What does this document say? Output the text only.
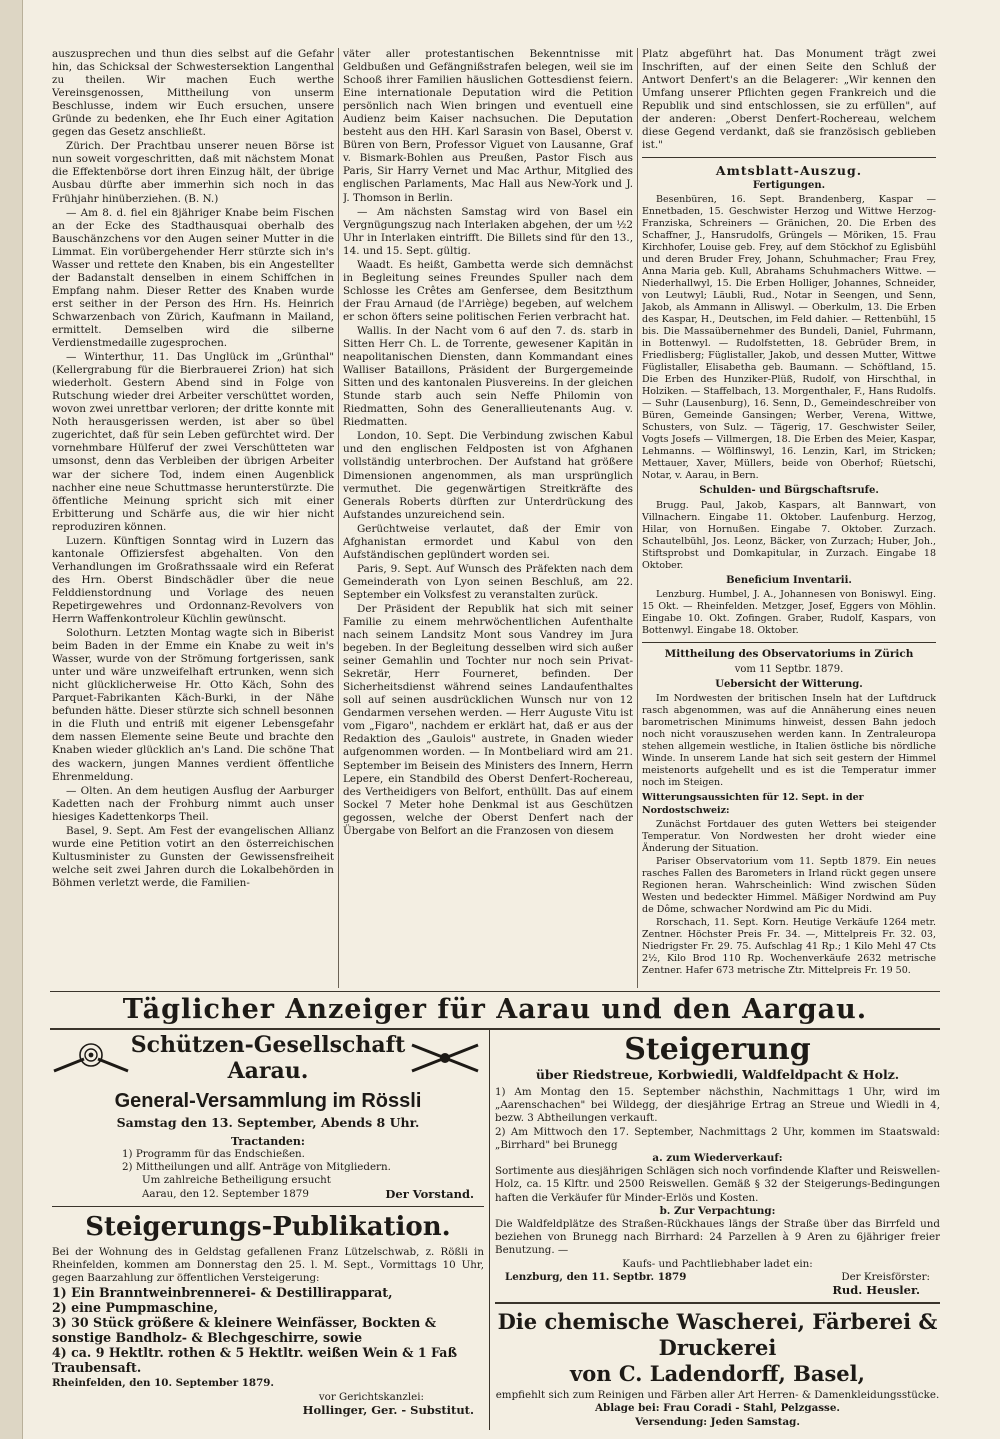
auszusprechen und thun dies selbst auf die Gefahr hin, das Schicksal der Schwestersektion Langenthal zu theilen. Wir machen Euch werthe Vereinsgenossen, Mittheilung von unserm Beschlusse, indem wir Euch ersuchen, unsere Gründe zu bedenken, ehe Ihr Euch einer Agitation gegen das Gesetz anschließt.

Zürich. Der Prachtbau unserer neuen Börse ist nun soweit vorgeschritten, daß mit nächstem Monat die Effektenbörse dort ihren Einzug hält, der übrige Ausbau dürfte aber immerhin sich noch in das Frühjahr hinüberziehen. (B. N.)

— Am 8. d. fiel ein 8jähriger Knabe beim Fischen an der Ecke des Stadthausquai oberhalb des Bauschänzchens vor den Augen seiner Mutter in die Limmat. Ein vorübergehender Herr stürzte sich in's Wasser und rettete den Knaben, bis ein Angestellter der Badanstalt denselben in einem Schiffchen in Empfang nahm. Dieser Retter des Knaben wurde erst seither in der Person des Hrn. Hs. Heinrich Schwarzenbach von Zürich, Kaufmann in Mailand, ermittelt. Demselben wird die silberne Verdienstmedaille zugesprochen.

— Winterthur, 11. Das Unglück im „Grünthal" (Kellergrabung für die Bierbrauerei Zrion) hat sich wiederholt. Gestern Abend sind in Folge von Rutschung wieder drei Arbeiter verschüttet worden, wovon zwei unrettbar verloren; der dritte konnte mit Noth herausgerissen werden, ist aber so übel zugerichtet, daß für sein Leben gefürchtet wird. Der vornehmbare Hülferuf der zwei Verschütteten war umsonst, denn das Verbleiben der übrigen Arbeiter war der sichere Tod, indem einen Augenblick nachher eine neue Schuttmasse herunterstürzte. Die öffentliche Meinung spricht sich mit einer Erbitterung und Schärfe aus, die wir hier nicht reproduziren können.

Luzern. Künftigen Sonntag wird in Luzern das kantonale Offiziersfest abgehalten. Von den Verhandlungen im Großrathssaale wird ein Referat des Hrn. Oberst Bindschädler über die neue Felddienstordnung und Vorlage des neuen Repetirgewehres und Ordonnanz-Revolvers von Herrn Waffenkontroleur Küchlin gewünscht.

Solothurn. Letzten Montag wagte sich in Biberist beim Baden in der Emme ein Knabe zu weit in's Wasser, wurde von der Strömung fortgerissen, sank unter und wäre unzweifelhaft ertrunken, wenn sich nicht glücklicherweise Hr. Otto Käch, Sohn des Parquet-Fabrikanten Käch-Burki, in der Nähe befunden hätte. Dieser stürzte sich schnell besonnen in die Fluth und entriß mit eigener Lebensgefahr dem nassen Elemente seine Beute und brachte den Knaben wieder glücklich an's Land. Die schöne That des wackern, jungen Mannes verdient öffentliche Ehrenmeldung.

— Olten. An dem heutigen Ausflug der Aarburger Kadetten nach der Frohburg nimmt auch unser hiesiges Kadettenkorps Theil.

Basel, 9. Sept. Am Fest der evangelischen Allianz wurde eine Petition votirt an den österreichischen Kultusminister zu Gunsten der Gewissensfreiheit welche seit zwei Jahren durch die Lokalbehörden in Böhmen verletzt werde, die Familien-

väter aller protestantischen Bekenntnisse mit Geldbußen und Gefängnißstrafen belegen, weil sie im Schooß ihrer Familien häuslichen Gottesdienst feiern. Eine internationale Deputation wird die Petition persönlich nach Wien bringen und eventuell eine Audienz beim Kaiser nachsuchen. Die Deputation besteht aus den HH. Karl Sarasin von Basel, Oberst v. Büren von Bern, Professor Viguet von Lausanne, Graf v. Bismark-Bohlen aus Preußen, Pastor Fisch aus Paris, Sir Harry Vernet und Mac Arthur, Mitglied des englischen Parlaments, Mac Hall aus New-York und J. J. Thomson in Berlin.

— Am nächsten Samstag wird von Basel ein Vergnügungszug nach Interlaken abgehen, der um ½2 Uhr in Interlaken eintrifft. Die Billets sind für den 13., 14. und 15. Sept. gültig.

Waadt. Es heißt, Gambetta werde sich demnächst in Begleitung seines Freundes Spuller nach dem Schlosse les Crêtes am Genfersee, dem Besitzthum der Frau Arnaud (de l'Arriège) begeben, auf welchem er schon öfters seine politischen Ferien verbracht hat.

Wallis. In der Nacht vom 6 auf den 7. ds. starb in Sitten Herr Ch. L. de Torrente, gewesener Kapitän in neapolitanischen Diensten, dann Kommandant eines Walliser Bataillons, Präsident der Burgergemeinde Sitten und des kantonalen Piusvereins. In der gleichen Stunde starb auch sein Neffe Philomin von Riedmatten, Sohn des Generallieutenants Aug. v. Riedmatten.

London, 10. Sept. Die Verbindung zwischen Kabul und den englischen Feldposten ist von Afghanen vollständig unterbrochen. Der Aufstand hat größere Dimensionen angenommen, als man ursprünglich vermuthet. Die gegenwärtigen Streitkräfte des Generals Roberts dürften zur Unterdrückung des Aufstandes unzureichend sein.

Gerüchtweise verlautet, daß der Emir von Afghanistan ermordet und Kabul von den Aufständischen geplündert worden sei.

Paris, 9. Sept. Auf Wunsch des Präfekten nach dem Gemeinderath von Lyon seinen Beschluß, am 22. September ein Volksfest zu veranstalten zurück.

Der Präsident der Republik hat sich mit seiner Familie zu einem mehrwöchentlichen Aufenthalte nach seinem Landsitz Mont sous Vandrey im Jura begeben. In der Begleitung desselben wird sich außer seiner Gemahlin und Tochter nur noch sein Privat-Sekretär, Herr Fourneret, befinden. Der Sicherheitsdienst während seines Landaufenthaltes soll auf seinen ausdrücklichen Wunsch nur von 12 Gendarmen versehen werden. — Herr Auguste Vitu ist vom „Figaro", nachdem er erklärt hat, daß er aus der Redaktion des „Gaulois" austrete, in Gnaden wieder aufgenommen worden. — In Montbeliard wird am 21. September im Beisein des Ministers des Innern, Herrn Lepere, ein Standbild des Oberst Denfert-Rochereau, des Vertheidigers von Belfort, enthüllt. Das auf einem Sockel 7 Meter hohe Denkmal ist aus Geschützen gegossen, welche der Oberst Denfert nach der Übergabe von Belfort an die Franzosen von diesem

Platz abgeführt hat. Das Monument trägt zwei Inschriften, auf der einen Seite den Schluß der Antwort Denfert's an die Belagerer: „Wir kennen den Umfang unserer Pflichten gegen Frankreich und die Republik und sind entschlossen, sie zu erfüllen", auf der anderen: „Oberst Denfert-Rochereau, welchem diese Gegend verdankt, daß sie französisch geblieben ist."

Amtsblatt-Auszug.
Fertigungen.

Besenbüren, 16. Sept. Brandenberg, Kaspar — Ennetbaden, 15. Geschwister Herzog und Wittwe Herzog-Franziska, Schreiners — Gränichen, 20. Die Erben des Schaffner, J., Hansrudolfs, Grüngels — Möriken, 15. Frau Kirchhofer, Louise geb. Frey, auf dem Stöckhof zu Eglisbühl und deren Bruder Frey, Johann, Schuhmacher; Frau Frey, Anna Maria geb. Kull, Abrahams Schuhmachers Wittwe. — Niederhallwyl, 15. Die Erben Holliger, Johannes, Schneider, von Leutwyl; Läubli, Rud., Notar in Seengen, und Senn, Jakob, als Ammann in Alliswyl. — Oberkulm, 13. Die Erben des Kaspar, H., Deutschen, im Feld dahier. — Rettenbühl, 15 bis. Die Massaübernehmer des Bundeli, Daniel, Fuhrmann, in Bottenwyl. — Rudolfstetten, 18. Gebrüder Brem, in Friedlisberg; Füglistaller, Jakob, und dessen Mutter, Wittwe Füglistaller, Elisabetha geb. Baumann. — Schöftland, 15. Die Erben des Hunziker-Plüß, Rudolf, von Hirschthal, in Holziken. — Staffelbach, 13. Morgenthaler, F., Hans Rudolfs. — Suhr (Lausenburg), 16. Senn, D., Gemeindeschreiber von Büren, Gemeinde Gansingen; Werber, Verena, Wittwe, Schusters, von Sulz. — Tägerig, 17. Geschwister Seiler, Vogts Josefs — Villmergen, 18. Die Erben des Meier, Kaspar, Lehmanns. — Wölflinswyl, 16. Lenzin, Karl, im Stricken; Mettauer, Xaver, Müllers, beide von Oberhof; Rüetschi, Notar, v. Aarau, in Bern.

Schulden- und Bürgschaftsrufe.

Brugg. Paul, Jakob, Kaspars, alt Bannwart, von Villnachern. Eingabe 11. Oktober. Laufenburg. Herzog, Hilar, von Hornußen. Eingabe 7. Oktober. Zurzach. Schautelbühl, Jos. Leonz, Bäcker, von Zurzach; Huber, Joh., Stiftsprobst und Domkapitular, in Zurzach. Eingabe 18 Oktober.

Beneficium Inventarii.

Lenzburg. Humbel, J. A., Johannesen von Boniswyl. Eing. 15 Okt. — Rheinfelden. Metzger, Josef, Eggers von Möhlin. Eingabe 10. Okt. Zofingen. Graber, Rudolf, Kaspars, von Bottenwyl. Eingabe 18. Oktober.

Mittheilung des Observatoriums in Zürich
vom 11 Septbr. 1879.
Uebersicht der Witterung.

Im Nordwesten der britischen Inseln hat der Luftdruck rasch abgenommen, was auf die Annäherung eines neuen barometrischen Minimums hinweist, dessen Bahn jedoch noch nicht vorauszusehen werden kann. In Zentraleuropa stehen allgemein westliche, in Italien östliche bis nördliche Winde. In unserem Lande hat sich seit gestern der Himmel meistenorts aufgehellt und es ist die Temperatur immer noch im Steigen.

Witterungsaussichten für 12. Sept. in der Nordostschweiz:

Zunächst Fortdauer des guten Wetters bei steigender Temperatur. Von Nordwesten her droht wieder eine Änderung der Situation.

Pariser Observatorium vom 11. Septb 1879. Ein neues rasches Fallen des Barometers in Irland rückt gegen unsere Regionen heran. Wahrscheinlich: Wind zwischen Süden Westen und bedeckter Himmel. Mäßiger Nordwind am Puy de Dôme, schwacher Nordwind am Pic du Midi.

Rorschach, 11. Sept. Korn. Heutige Verkäufe 1264 metr. Zentner. Höchster Preis Fr. 34. —, Mittelpreis Fr. 32. 03, Niedrigster Fr. 29. 75. Aufschlag 41 Rp.; 1 Kilo Mehl 47 Cts 2½, Kilo Brod 110 Rp. Wochenverkäufe 2632 metrische Zentner. Hafer 673 metrische Ztr. Mittelpreis Fr. 19 50.

Täglicher Anzeiger für Aarau und den Aargau.
Schützen-Gesellschaft Aarau.
General-Versammlung im Rössli
Samstag den 13. September, Abends 8 Uhr.
Tractanden:

1) Programm für das Endschießen.

2) Mittheilungen und allf. Anträge von Mitgliedern.

Um zahlreiche Betheiligung ersucht

Aarau, den 12. September 1879	Der Vorstand.

Steigerungs-Publikation.

Bei der Wohnung des in Geldstag gefallenen Franz Lützelschwab, z. Rößli in Rheinfelden, kommen am Donnerstag den 25. l. M. Sept., Vormittags 10 Uhr, gegen Baarzahlung zur öffentlichen Versteigerung:

1) Ein Branntweinbrennerei- & Destillirapparat,

2) eine Pumpmaschine,

3) 30 Stück größere & kleinere Weinfässer, Bockten & sonstige Bandholz- & Blechgeschirre, sowie

4) ca. 9 Hektltr. rothen & 5 Hektltr. weißen Wein & 1 Faß Traubensaft.

Rheinfelden, den 10. September 1879.

vor Gerichtskanzlei:

Hollinger, Ger. - Substitut.

Steigerung
über Riedstreue, Korbwiedli, Waldfeldpacht & Holz.

1) Am Montag den 15. September nächsthin, Nachmittags 1 Uhr, wird im „Aarenschachen" bei Wildegg, der diesjährige Ertrag an Streue und Wiedli in 4, bezw. 3 Abtheilungen verkauft.

2) Am Mittwoch den 17. September, Nachmittags 2 Uhr, kommen im Staatswald: „Birrhard" bei Brunegg

a. zum Wiederverkauf:

Sortimente aus diesjährigen Schlägen sich noch vorfindende Klafter und Reiswellen-Holz, ca. 15 Klftr. und 2500 Reiswellen. Gemäß § 32 der Steigerungs-Bedingungen haften die Verkäufer für Minder-Erlös und Kosten.

b. Zur Verpachtung:

Die Waldfeldplätze des Straßen-Rückhaues längs der Straße über das Birrfeld und beziehen von Brunegg nach Birrhard: 24 Parzellen à 9 Aren zu 6jähriger freier Benutzung. —

Kaufs- und Pachtliebhaber ladet ein:

Lenzburg, den 11. Septbr. 1879	Der Kreisförster:

Rud. Heusler.

Die chemische Wascherei, Färberei & Druckerei
von C. Ladendorff, Basel,

empfiehlt sich zum Reinigen und Färben aller Art Herren- & Damenkleidungsstücke.

Ablage bei: Frau Coradi - Stahl, Pelzgasse.

Versendung: Jeden Samstag.
